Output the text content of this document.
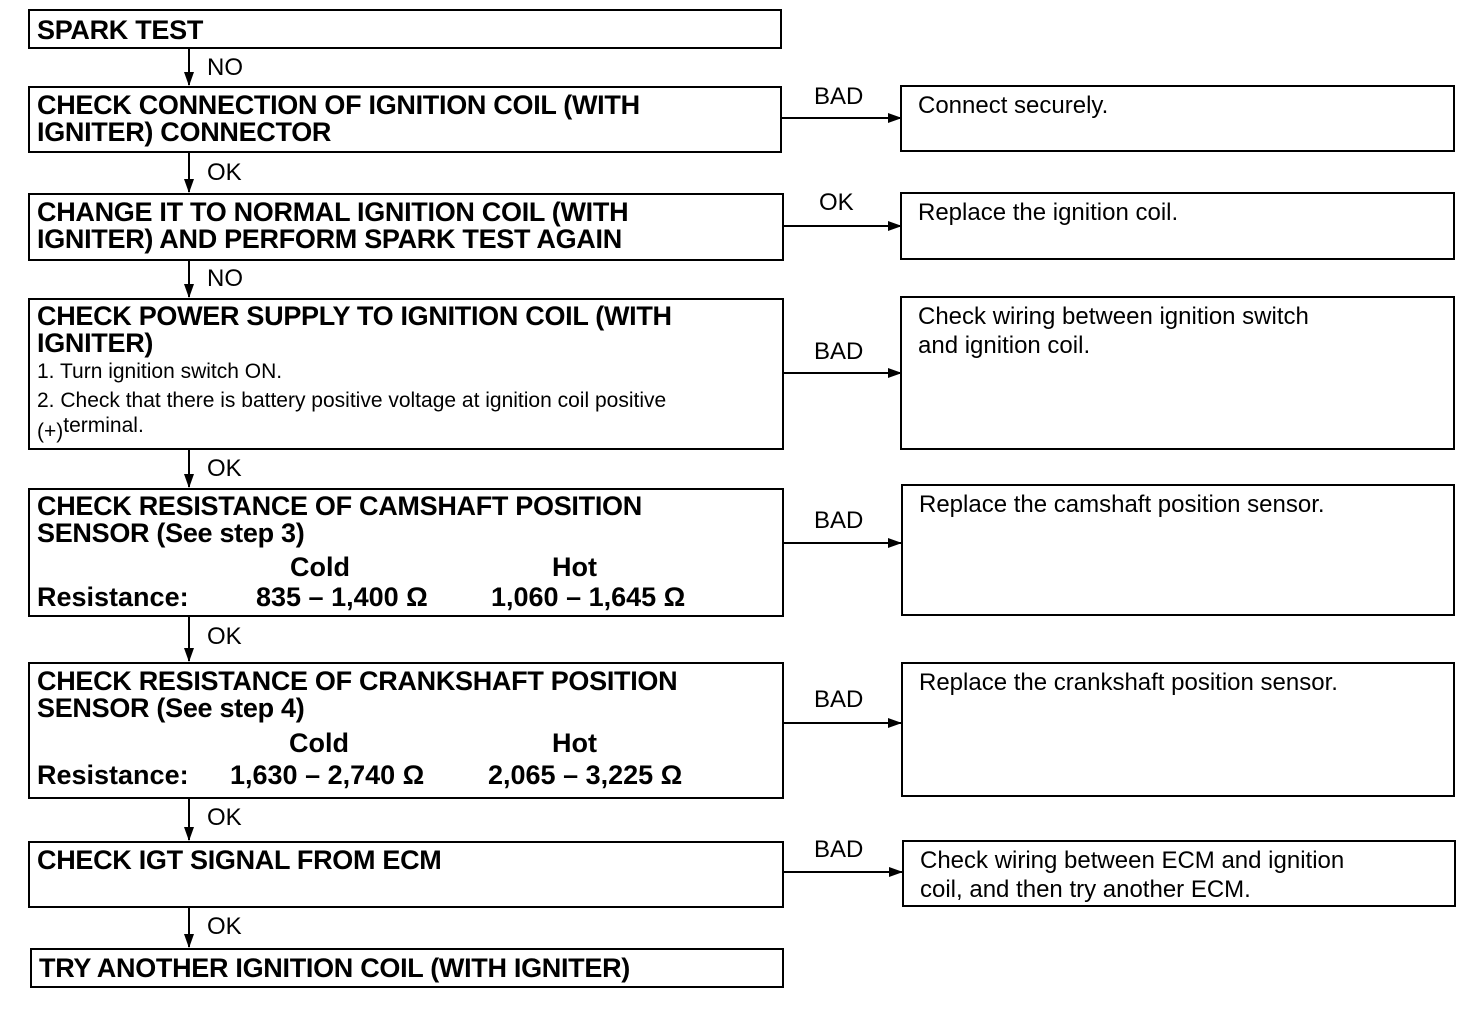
SPARK TEST
CHECK CONNECTION OF IGNITION COIL (WITH
IGNITER) CONNECTOR
CHANGE IT TO NORMAL IGNITION COIL (WITH
IGNITER) AND PERFORM SPARK TEST AGAIN
CHECK POWER SUPPLY TO IGNITION COIL (WITH
IGNITER)
1. Turn ignition switch ON.
2. Check that there is battery positive voltage at ignition coil positive
(+)terminal.
CHECK RESISTANCE OF CAMSHAFT POSITION
SENSOR (See step 3)
Cold	Hot
Resistance: 835 – 1,400 Ω 1,060 – 1,645 Ω
CHECK RESISTANCE OF CRANKSHAFT POSITION
SENSOR (See step 4)
Cold	Hot
Resistance: 1,630 – 2,740 Ω 2,065 – 3,225 Ω
CHECK IGT SIGNAL FROM ECM
TRY ANOTHER IGNITION COIL (WITH IGNITER)
Connect securely.
Replace the ignition coil.
Check wiring between ignition switch
and ignition coil.
Replace the camshaft position sensor.
Replace the crankshaft position sensor.
Check wiring between ECM and ignition
coil, and then try another ECM.
NO
OK
NO
OK
OK
OK
OK
BAD
OK
BAD
BAD
BAD
BAD
